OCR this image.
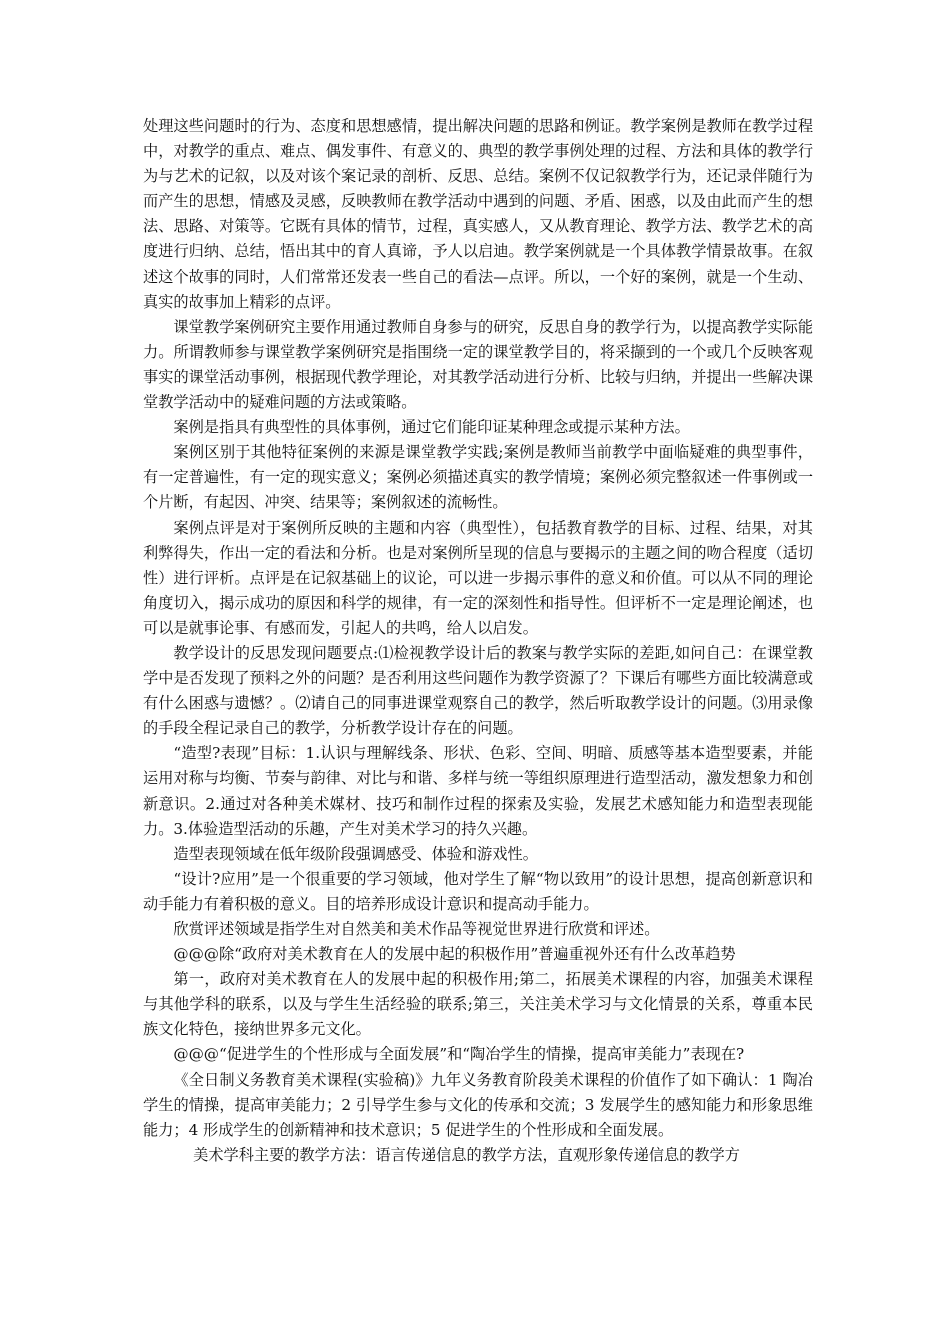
处理这些问题时的行为、态度和思想感情，提出解决问题的思路和例证。教学案例是教师在教学过程中，对教学的重点、难点、偶发事件、有意义的、典型的教学事例处理的过程、方法和具体的教学行为与艺术的记叙，以及对该个案记录的剖析、反思、总结。案例不仅记叙教学行为，还记录伴随行为而产生的思想，情感及灵感，反映教师在教学活动中遇到的问题、矛盾、困惑，以及由此而产生的想法、思路、对策等。它既有具体的情节，过程，真实感人，又从教育理论、教学方法、教学艺术的高度进行归纳、总结，悟出其中的育人真谛，予人以启迪。教学案例就是一个具体教学情景故事。在叙述这个故事的同时，人们常常还发表一些自己的看法—点评。所以，一个好的案例，就是一个生动、真实的故事加上精彩的点评。

课堂教学案例研究主要作用通过教师自身参与的研究，反思自身的教学行为，以提高教学实际能力。所谓教师参与课堂教学案例研究是指围绕一定的课堂教学目的，将采撷到的一个或几个反映客观事实的课堂活动事例，根据现代教学理论，对其教学活动进行分析、比较与归纳，并提出一些解决课堂教学活动中的疑难问题的方法或策略。

案例是指具有典型性的具体事例，通过它们能印证某种理念或提示某种方法。

案例区别于其他特征案例的来源是课堂教学实践;案例是教师当前教学中面临疑难的典型事件，有一定普遍性，有一定的现实意义；案例必须描述真实的教学情境；案例必须完整叙述一件事例或一个片断，有起因、冲突、结果等；案例叙述的流畅性。

案例点评是对于案例所反映的主题和内容（典型性），包括教育教学的目标、过程、结果，对其利弊得失，作出一定的看法和分析。也是对案例所呈现的信息与要揭示的主题之间的吻合程度（适切性）进行评析。点评是在记叙基础上的议论，可以进一步揭示事件的意义和价值。可以从不同的理论角度切入，揭示成功的原因和科学的规律，有一定的深刻性和指导性。但评析不一定是理论阐述，也可以是就事论事、有感而发，引起人的共鸣，给人以启发。

教学设计的反思发现问题要点:⑴检视教学设计后的教案与教学实际的差距,如问自己：在课堂教学中是否发现了预料之外的问题？是否利用这些问题作为教学资源了？下课后有哪些方面比较满意或有什么困惑与遗憾？。⑵请自己的同事进课堂观察自己的教学，然后听取教学设计的问题。⑶用录像的手段全程记录自己的教学，分析教学设计存在的问题。

“造型?表现”目标：1.认识与理解线条、形状、色彩、空间、明暗、质感等基本造型要素，并能运用对称与均衡、节奏与韵律、对比与和谐、多样与统一等组织原理进行造型活动，激发想象力和创新意识。2.通过对各种美术媒材、技巧和制作过程的探索及实验，发展艺术感知能力和造型表现能力。3.体验造型活动的乐趣，产生对美术学习的持久兴趣。

造型表现领域在低年级阶段强调感受、体验和游戏性。

“设计?应用”是一个很重要的学习领域，他对学生了解“物以致用”的设计思想，提高创新意识和动手能力有着积极的意义。目的培养形成设计意识和提高动手能力。

欣赏评述领域是指学生对自然美和美术作品等视觉世界进行欣赏和评述。

@@@除“政府对美术教育在人的发展中起的积极作用”普遍重视外还有什么改革趋势

第一，政府对美术教育在人的发展中起的积极作用;第二，拓展美术课程的内容，加强美术课程与其他学科的联系，以及与学生生活经验的联系;第三，关注美术学习与文化情景的关系，尊重本民族文化特色，接纳世界多元文化。

@@@“促进学生的个性形成与全面发展”和“陶冶学生的情操，提高审美能力”表现在?

《全日制义务教育美术课程(实验稿)》九年义务教育阶段美术课程的价值作了如下确认：1 陶冶学生的情操，提高审美能力；2 引导学生参与文化的传承和交流；3 发展学生的感知能力和形象思维能力；4 形成学生的创新精神和技术意识；5 促进学生的个性形成和全面发展。

美术学科主要的教学方法：语言传递信息的教学方法，直观形象传递信息的教学方
